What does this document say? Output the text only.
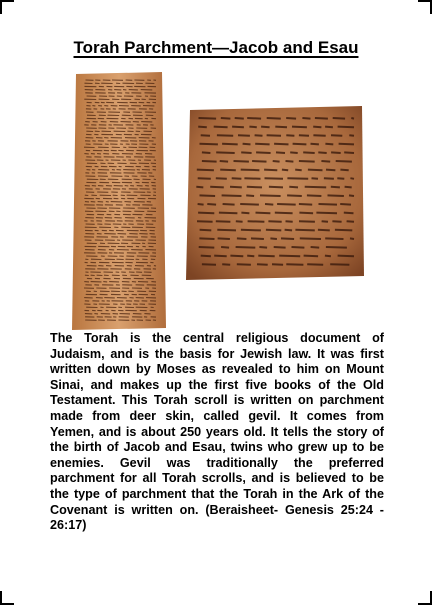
Torah Parchment—Jacob and Esau
The Torah is the central religious document of Judaism, and is the basis for Jewish law. It was first written down by Moses as revealed to him on Mount Sinai, and makes up the first five books of the Old Testament. This Torah scroll is written on parchment made from deer skin, called gevil. It comes from Yemen, and is about 250 years old. It tells the story of the birth of Jacob and Esau, twins who grew up to be enemies. Gevil was traditionally the preferred parchment for all Torah scrolls, and is believed to be the type of parchment that the Torah in the Ark of the Covenant is written on. (Beraisheet- Genesis 25:24 - 26:17)
